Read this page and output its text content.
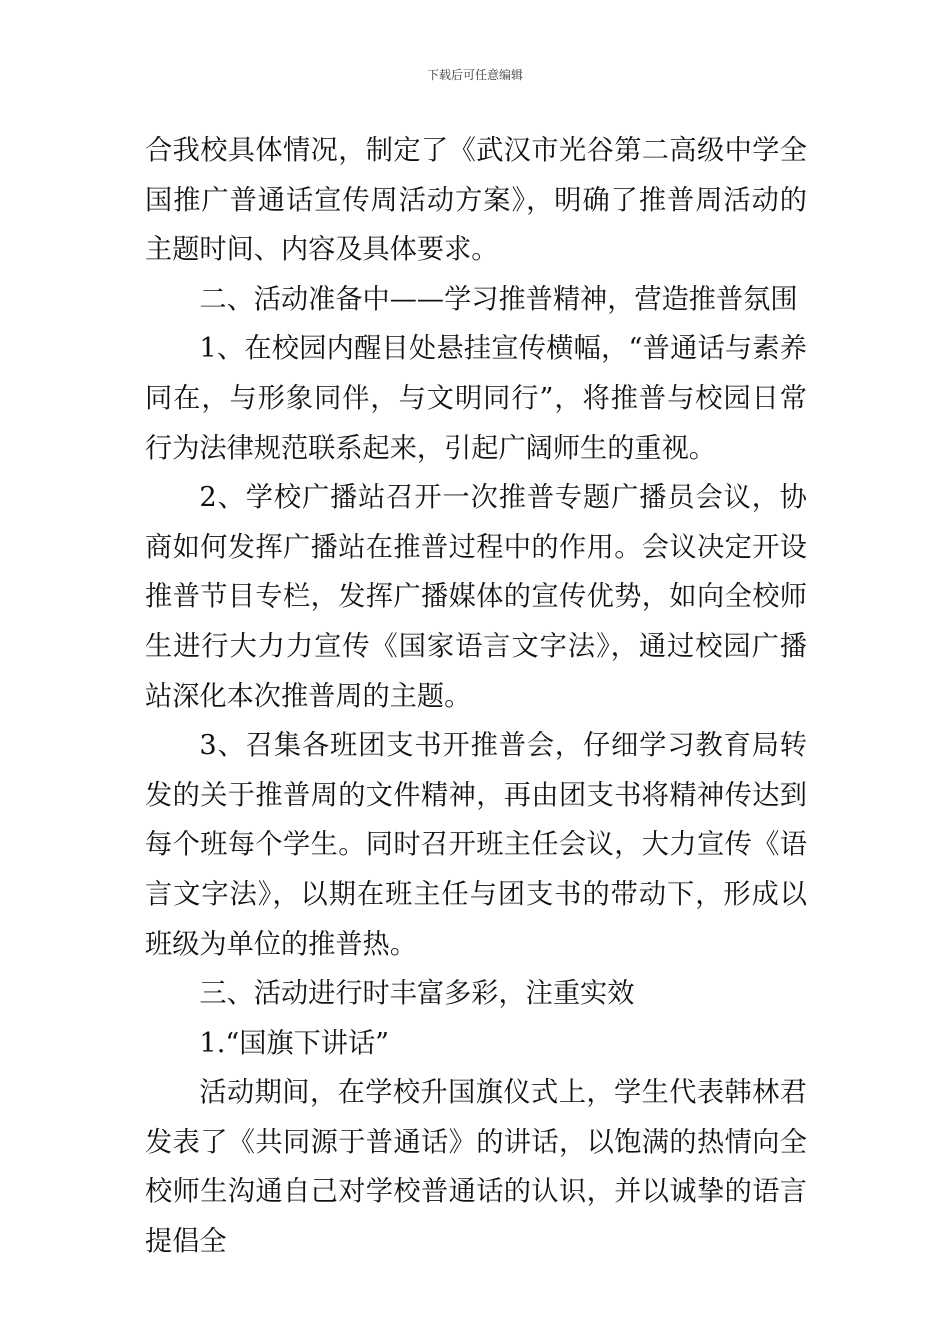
下载后可任意编辑

合我校具体情况，制定了《武汉市光谷第二高级中学全国推广普通话宣传周活动方案》，明确了推普周活动的主题时间、内容及具体要求。

二、活动准备中——学习推普精神，营造推普氛围

1、在校园内醒目处悬挂宣传横幅，“普通话与素养同在，与形象同伴，与文明同行”，将推普与校园日常行为法律规范联系起来，引起广阔师生的重视。

2、学校广播站召开一次推普专题广播员会议，协商如何发挥广播站在推普过程中的作用。会议决定开设推普节目专栏，发挥广播媒体的宣传优势，如向全校师生进行大力力宣传《国家语言文字法》，通过校园广播站深化本次推普周的主题。

3、召集各班团支书开推普会，仔细学习教育局转发的关于推普周的文件精神，再由团支书将精神传达到每个班每个学生。同时召开班主任会议，大力宣传《语言文字法》，以期在班主任与团支书的带动下，形成以班级为单位的推普热。

三、活动进行时丰富多彩，注重实效

1.“国旗下讲话”

活动期间，在学校升国旗仪式上，学生代表韩林君发表了《共同源于普通话》的讲话，以饱满的热情向全校师生沟通自己对学校普通话的认识，并以诚挚的语言提倡全
